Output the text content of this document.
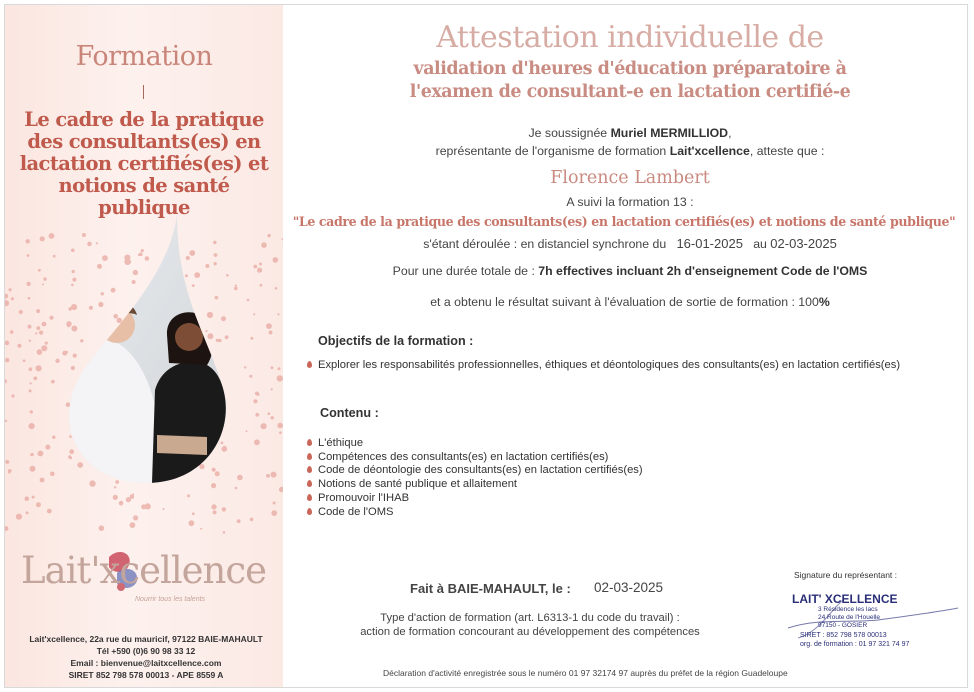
Formation
Le cadre de la pratique des consultants(es) en lactation certifiés(es) et notions de santé publique
Lait'xcellence
Nourrir tous les talents
Lait'xcellence, 22a rue du mauricif, 97122 BAIE-MAHAULT
Tél +590 (0)6 90 98 33 12
Email : bienvenue@laitxcellence.com
SIRET 852 798 578 00013 - APE 8559 A
Attestation individuelle de
validation d'heures d'éducation préparatoire à
l'examen de consultant-e en lactation certifié-e
Je soussignée Muriel MERMILLIOD,
représentante de l'organisme de formation Lait'xcellence, atteste que :
Florence Lambert
A suivi la formation 13 :
"Le cadre de la pratique des consultants(es) en lactation certifiés(es) et notions de santé publique"
s'étant déroulée : en distanciel synchrone du 16-01-2025 au 02-03-2025
Pour une durée totale de : 7h effectives incluant 2h d'enseignement Code de l'OMS
et a obtenu le résultat suivant à l'évaluation de sortie de formation : 100%
Objectifs de la formation :
Explorer les responsabilités professionnelles, éthiques et déontologiques des consultants(es) en lactation certifiés(es)
Contenu :
L'éthique
Compétences des consultants(es) en lactation certifiés(es)
Code de déontologie des consultants(es) en lactation certifiés(es)
Notions de santé publique et allaitement
Promouvoir l'IHAB
Code de l'OMS
Fait à BAIE-MAHAULT, le : 02-03-2025
Type d'action de formation (art. L6313-1 du code du travail) :
action de formation concourant au développement des compétences
Signature du représentant :
LAIT' XCELLENCE
3 Résidence les lacs
24 Route de l'Houelle
97150 - GOSIER
SIRET : 852 798 578 00013
org. de formation : 01 97 321 74 97
Déclaration d'activité enregistrée sous le numéro 01 97 32174 97 auprès du préfet de la région Guadeloupe
